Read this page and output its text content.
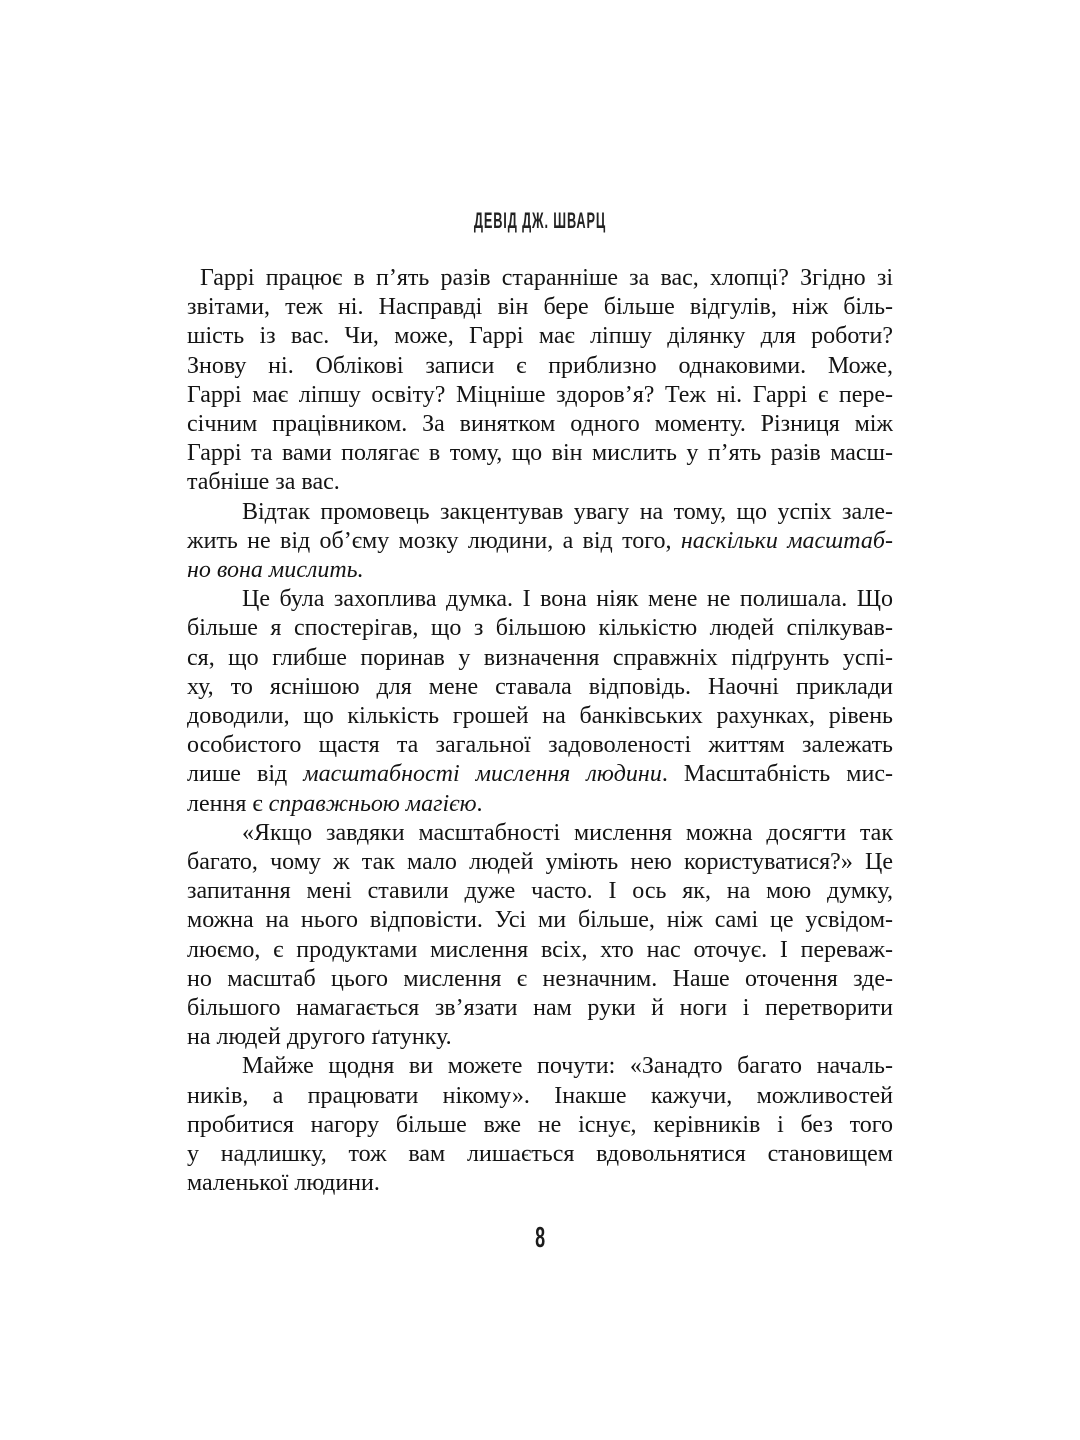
ДЕВІД ДЖ. ШВАРЦ
Гаррі працює в п’ять разів старанніше за вас, хлопці? Згідно зі
звітами, теж ні. Насправді він бере більше відгулів, ніж біль-
шість із вас. Чи, може, Гаррі має ліпшу ділянку для роботи?
Знову ні. Облікові записи є приблизно однаковими. Може,
Гаррі має ліпшу освіту? Міцніше здоров’я? Теж ні. Гаррі є пере-
січним працівником. За винятком одного моменту. Різниця між
Гаррі та вами полягає в тому, що він мислить у п’ять разів масш-
табніше за вас.
Відтак промовець закцентував увагу на тому, що успіх зале-
жить не від об’єму мозку людини, а від того, наскільки масштаб-
но вона мислить.
Це була захоплива думка. І вона ніяк мене не полишала. Що
більше я спостерігав, що з більшою кількістю людей спілкував-
ся, що глибше поринав у визначення справжніх підґрунть успі-
ху, то яснішою для мене ставала відповідь. Наочні приклади
доводили, що кількість грошей на банківських рахунках, рівень
особистого щастя та загальної задоволеності життям залежать
лише від масштабності мислення людини. Масштабність мис-
лення є справжньою магією.
«Якщо завдяки масштабності мислення можна досягти так
багато, чому ж так мало людей уміють нею користуватися?» Це
запитання мені ставили дуже часто. І ось як, на мою думку,
можна на нього відповісти. Усі ми більше, ніж самі це усвідом-
люємо, є продуктами мислення всіх, хто нас оточує. І переваж-
но масштаб цього мислення є незначним. Наше оточення зде-
більшого намагається зв’язати нам руки й ноги і перетворити
на людей другого ґатунку.
Майже щодня ви можете почути: «Занадто багато началь-
ників, а працювати нікому». Інакше кажучи, можливостей
пробитися нагору більше вже не існує, керівників і без того
у надлишку, тож вам лишається вдовольнятися становищем
маленької людини.
8
